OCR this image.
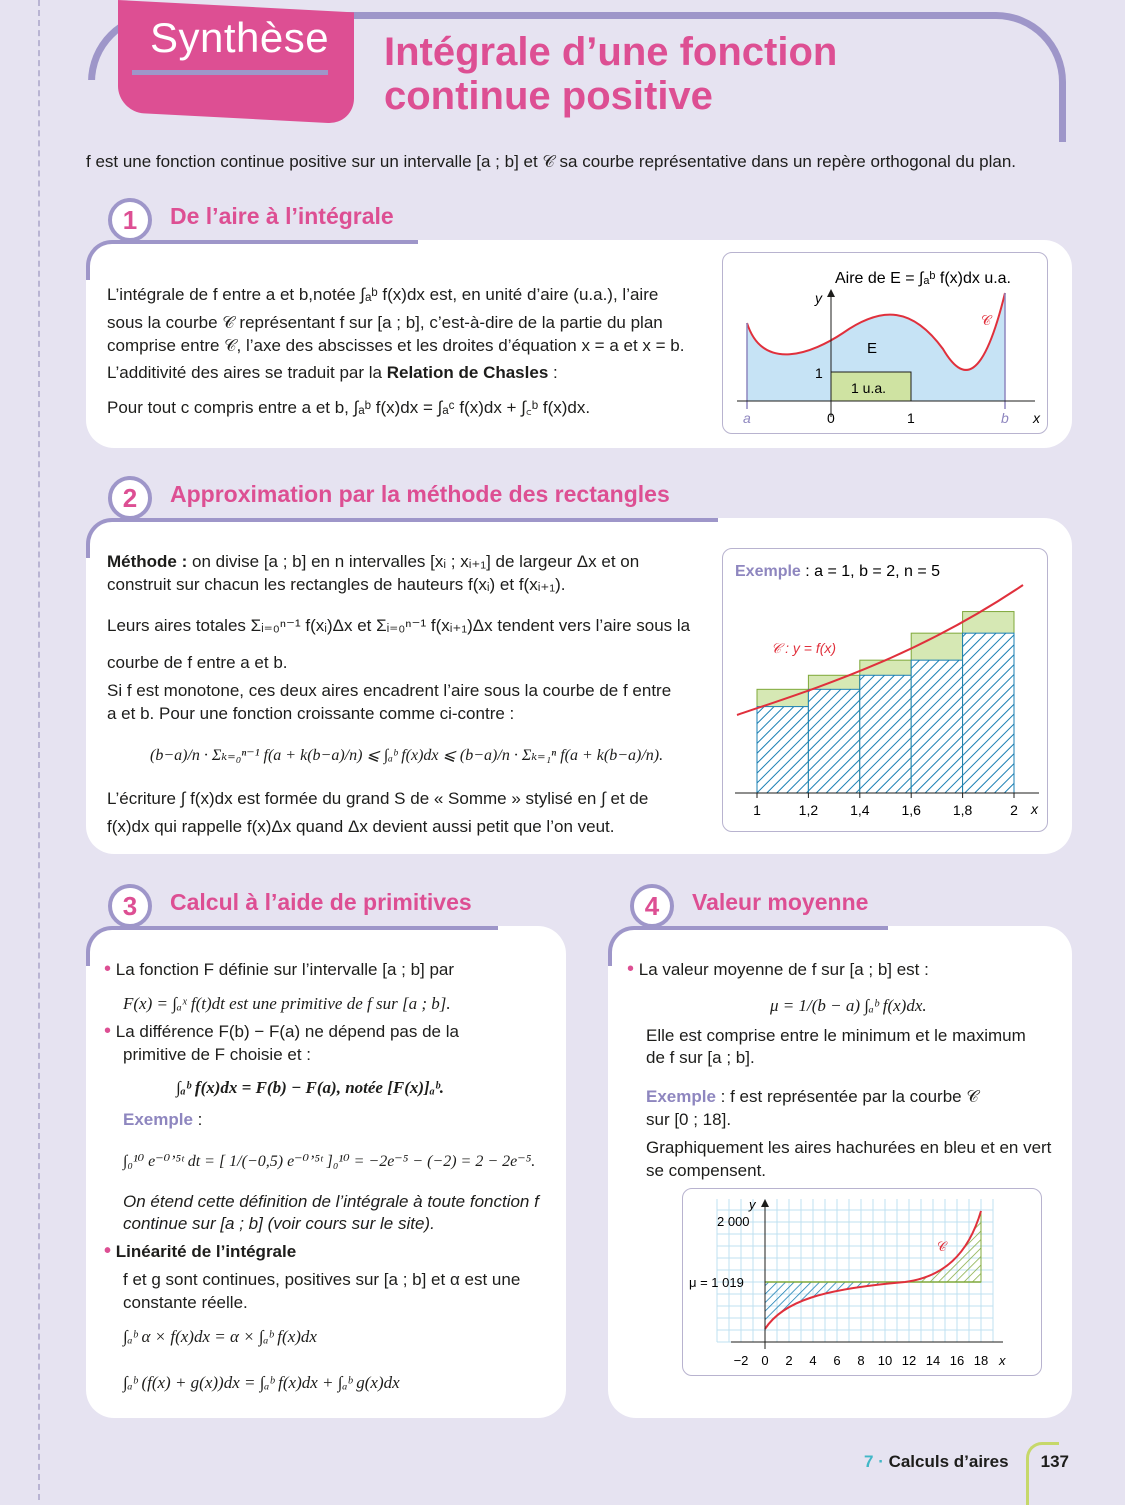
Synthèse Intégrale d’une fonction
continue positive
f est une fonction continue positive sur un intervalle [a ; b] et 𝒞 sa courbe représentative dans un repère orthogonal du plan.
1	De l’aire à l’intégrale
L’intégrale de f entre a et b,notée ∫ₐᵇ f(x)dx est, en unité d’aire (u.a.), l’aire
sous la courbe 𝒞 représentant f sur [a ; b], c’est-à-dire de la partie du plan
comprise entre 𝒞, l’axe des abscisses et les droites d’équation x = a et x = b.
L’additivité des aires se traduit par la Relation de Chasles :
Pour tout c compris entre a et b, ∫ₐᵇ f(x)dx = ∫ₐᶜ f(x)dx + ∫꜀ᵇ f(x)dx.
Aire de E = ∫ₐᵇ f(x)dx u.a.
y
x
E
1 u.a.
𝒞
a	0	1	b
1
2	Approximation par la méthode des rectangles
Méthode : on divise [a ; b] en n intervalles [xᵢ ; xᵢ₊₁] de largeur Δx et on
construit sur chacun les rectangles de hauteurs f(xᵢ) et f(xᵢ₊₁).
Leurs aires totales Σᵢ₌₀ⁿ⁻¹ f(xᵢ)Δx et Σᵢ₌₀ⁿ⁻¹ f(xᵢ₊₁)Δx tendent vers l’aire sous la
courbe de f entre a et b.
Si f est monotone, ces deux aires encadrent l’aire sous la courbe de f entre
a et b. Pour une fonction croissante comme ci-contre :
(b−a)/n · Σₖ₌₀ⁿ⁻¹ f(a + k(b−a)/n) ⩽ ∫ₐᵇ f(x)dx ⩽ (b−a)/n · Σₖ₌₁ⁿ f(a + k(b−a)/n).
L’écriture ∫ f(x)dx est formée du grand S de « Somme » stylisé en ∫ et de
f(x)dx qui rappelle f(x)Δx quand Δx devient aussi petit que l’on veut.
Exemple : a = 1, b = 2, n = 5
𝒞 : y = f(x)
x
1	1,2 1,4 1,6 1,8	2
3	Calcul à l’aide de primitives
• La fonction F définie sur l’intervalle [a ; b] par
F(x) = ∫ₐˣ f(t)dt est une primitive de f sur [a ; b].
• La différence F(b) − F(a) ne dépend pas de la
primitive de F choisie et :
∫ₐᵇ f(x)dx = F(b) − F(a), notée [F(x)]ₐᵇ.
Exemple :
∫₀¹⁰ e⁻⁰’⁵ᵗ dt = [ 1/(−0,5) e⁻⁰’⁵ᵗ ]₀¹⁰ = −2e⁻⁵ − (−2) = 2 − 2e⁻⁵.
On étend cette définition de l’intégrale à toute fonction f
continue sur [a ; b] (voir cours sur le site).
• Linéarité de l’intégrale
f et g sont continues, positives sur [a ; b] et α est une
constante réelle.
∫ₐᵇ α × f(x)dx = α × ∫ₐᵇ f(x)dx
∫ₐᵇ (f(x) + g(x))dx = ∫ₐᵇ f(x)dx + ∫ₐᵇ g(x)dx
4	Valeur moyenne
• La valeur moyenne de f sur [a ; b] est :
μ = 1/(b − a) ∫ₐᵇ f(x)dx.
Elle est comprise entre le minimum et le maximum
de f sur [a ; b].
Exemple : f est représentée par la courbe 𝒞
sur [0 ; 18].
Graphiquement les aires hachurées en bleu et en vert
se compensent.
y
x
2 000
μ = 1 019
𝒞
−2 0 2 4 6 8 10 12 14 16 18
7 · Calculs d’aires 137
